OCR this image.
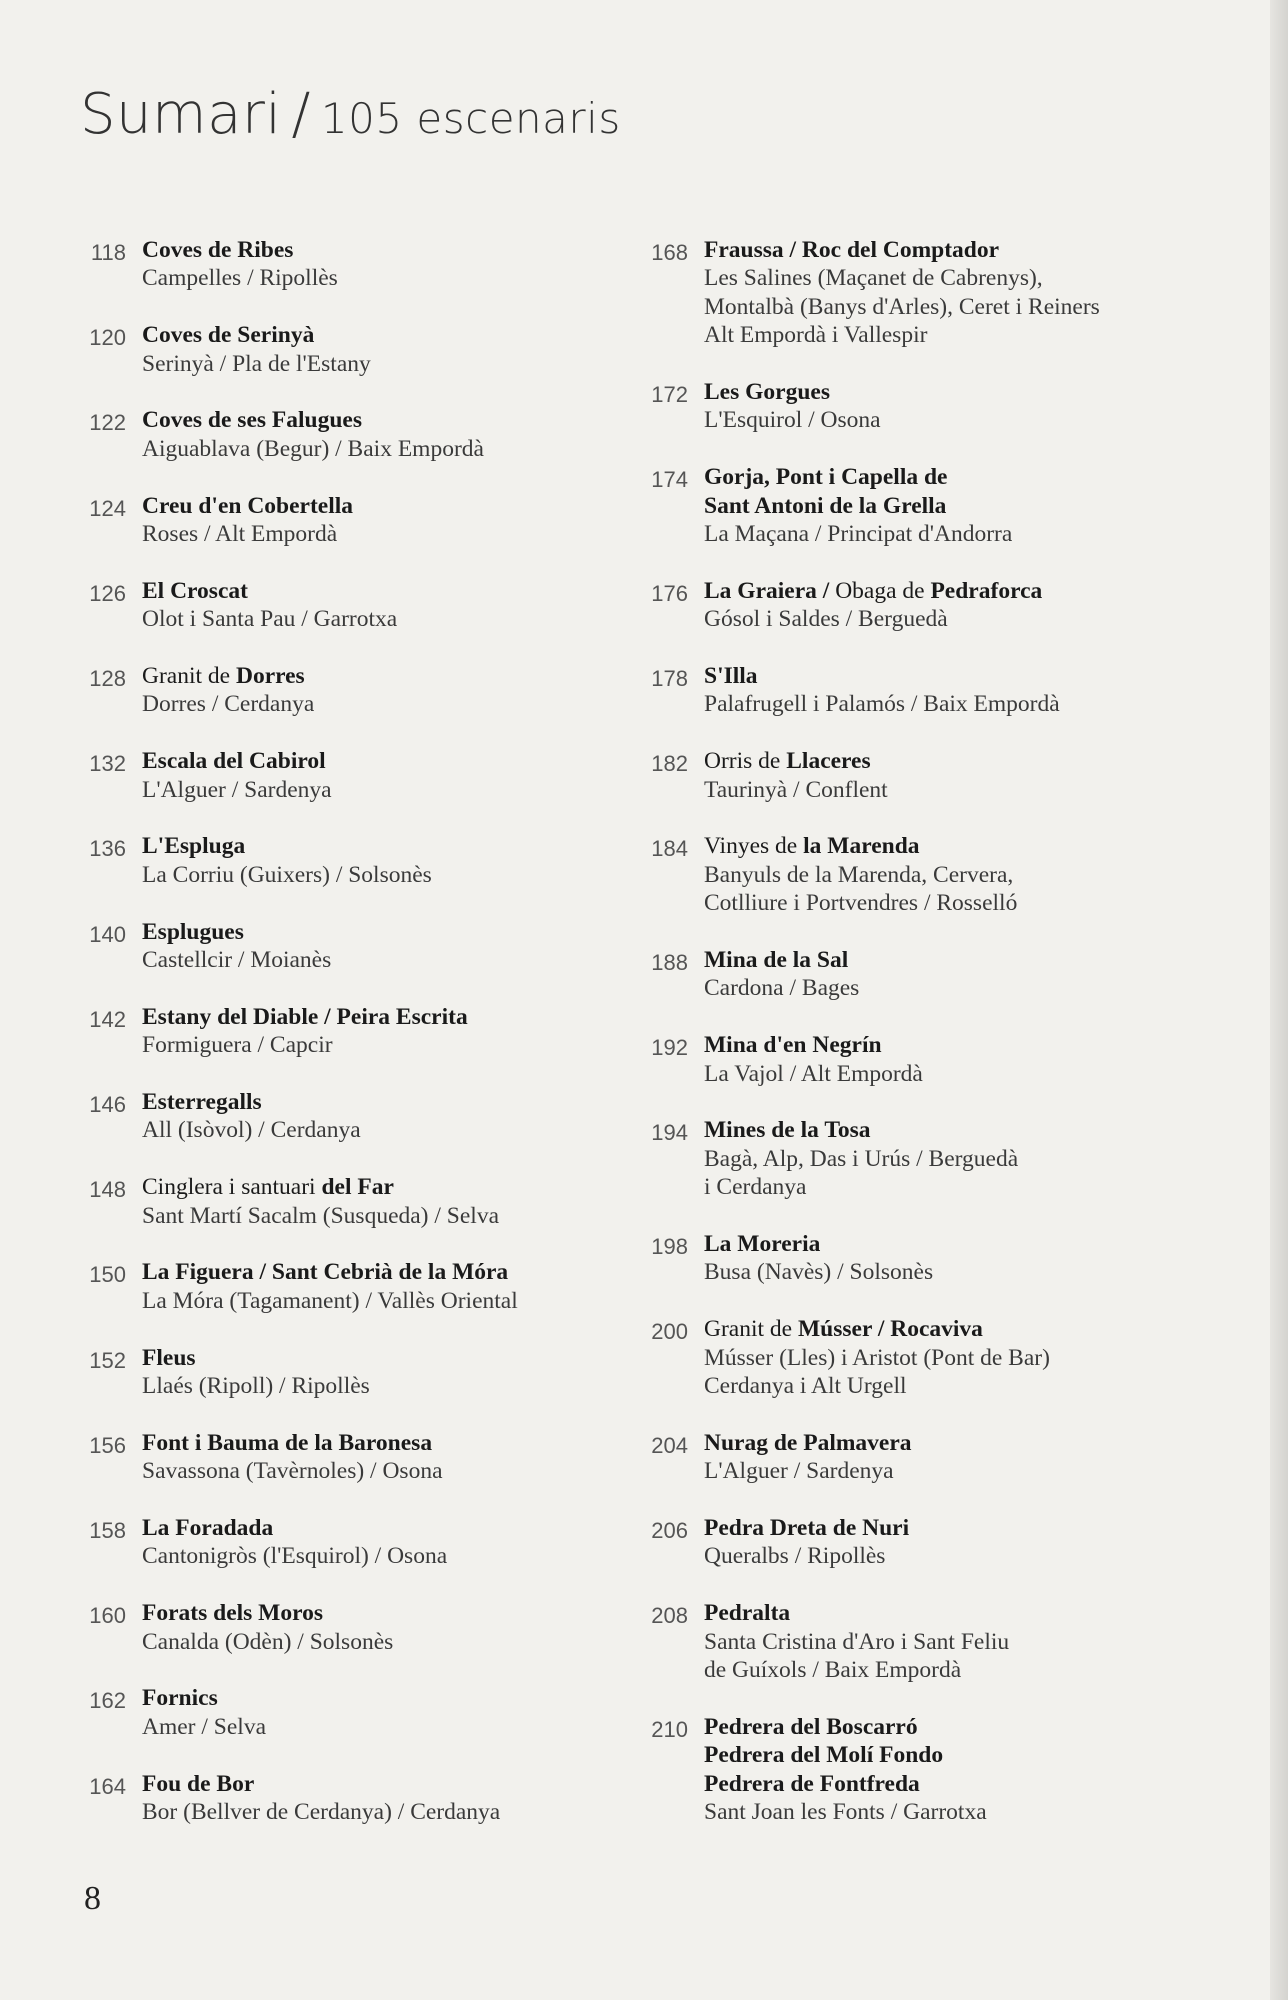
Sumari / 105 escenaris
118 Coves de Ribes
Campelles / Ripollès
120 Coves de Serinyà
Serinyà / Pla de l'Estany
122 Coves de ses Falugues
Aiguablava (Begur) / Baix Empordà
124 Creu d'en Cobertella
Roses / Alt Empordà
126 El Croscat
Olot i Santa Pau / Garrotxa
128 Granit de Dorres
Dorres / Cerdanya
132 Escala del Cabirol
L'Alguer / Sardenya
136 L'Espluga
La Corriu (Guixers) / Solsonès
140 Esplugues
Castellcir / Moianès
142 Estany del Diable / Peira Escrita
Formiguera / Capcir
146 Esterregalls
All (Isòvol) / Cerdanya
148 Cinglera i santuari del Far
Sant Martí Sacalm (Susqueda) / Selva
150 La Figuera / Sant Cebrià de la Móra
La Móra (Tagamanent) / Vallès Oriental
152 Fleus
Llaés (Ripoll) / Ripollès
156 Font i Bauma de la Baronesa
Savassona (Tavèrnoles) / Osona
158 La Foradada
Cantonigròs (l'Esquirol) / Osona
160 Forats dels Moros
Canalda (Odèn) / Solsonès
162 Fornics
Amer / Selva
164 Fou de Bor
Bor (Bellver de Cerdanya) / Cerdanya
168 Fraussa / Roc del Comptador
Les Salines (Maçanet de Cabrenys),
Montalbà (Banys d'Arles), Ceret i Reiners
Alt Empordà i Vallespir
172 Les Gorgues
L'Esquirol / Osona
174 Gorja, Pont i Capella de
Sant Antoni de la Grella
La Maçana / Principat d'Andorra
176 La Graiera / Obaga de Pedraforca
Gósol i Saldes / Berguedà
178 S'Illa
Palafrugell i Palamós / Baix Empordà
182 Orris de Llaceres
Taurinyà / Conflent
184 Vinyes de la Marenda
Banyuls de la Marenda, Cervera,
Cotlliure i Portvendres / Rosselló
188 Mina de la Sal
Cardona / Bages
192 Mina d'en Negrín
La Vajol / Alt Empordà
194 Mines de la Tosa
Bagà, Alp, Das i Urús / Berguedà
i Cerdanya
198 La Moreria
Busa (Navès) / Solsonès
200 Granit de Músser / Rocaviva
Músser (Lles) i Aristot (Pont de Bar)
Cerdanya i Alt Urgell
204 Nurag de Palmavera
L'Alguer / Sardenya
206 Pedra Dreta de Nuri
Queralbs / Ripollès
208 Pedralta
Santa Cristina d'Aro i Sant Feliu
de Guíxols / Baix Empordà
210 Pedrera del Boscarró
Pedrera del Molí Fondo
Pedrera de Fontfreda
Sant Joan les Fonts / Garrotxa
8
